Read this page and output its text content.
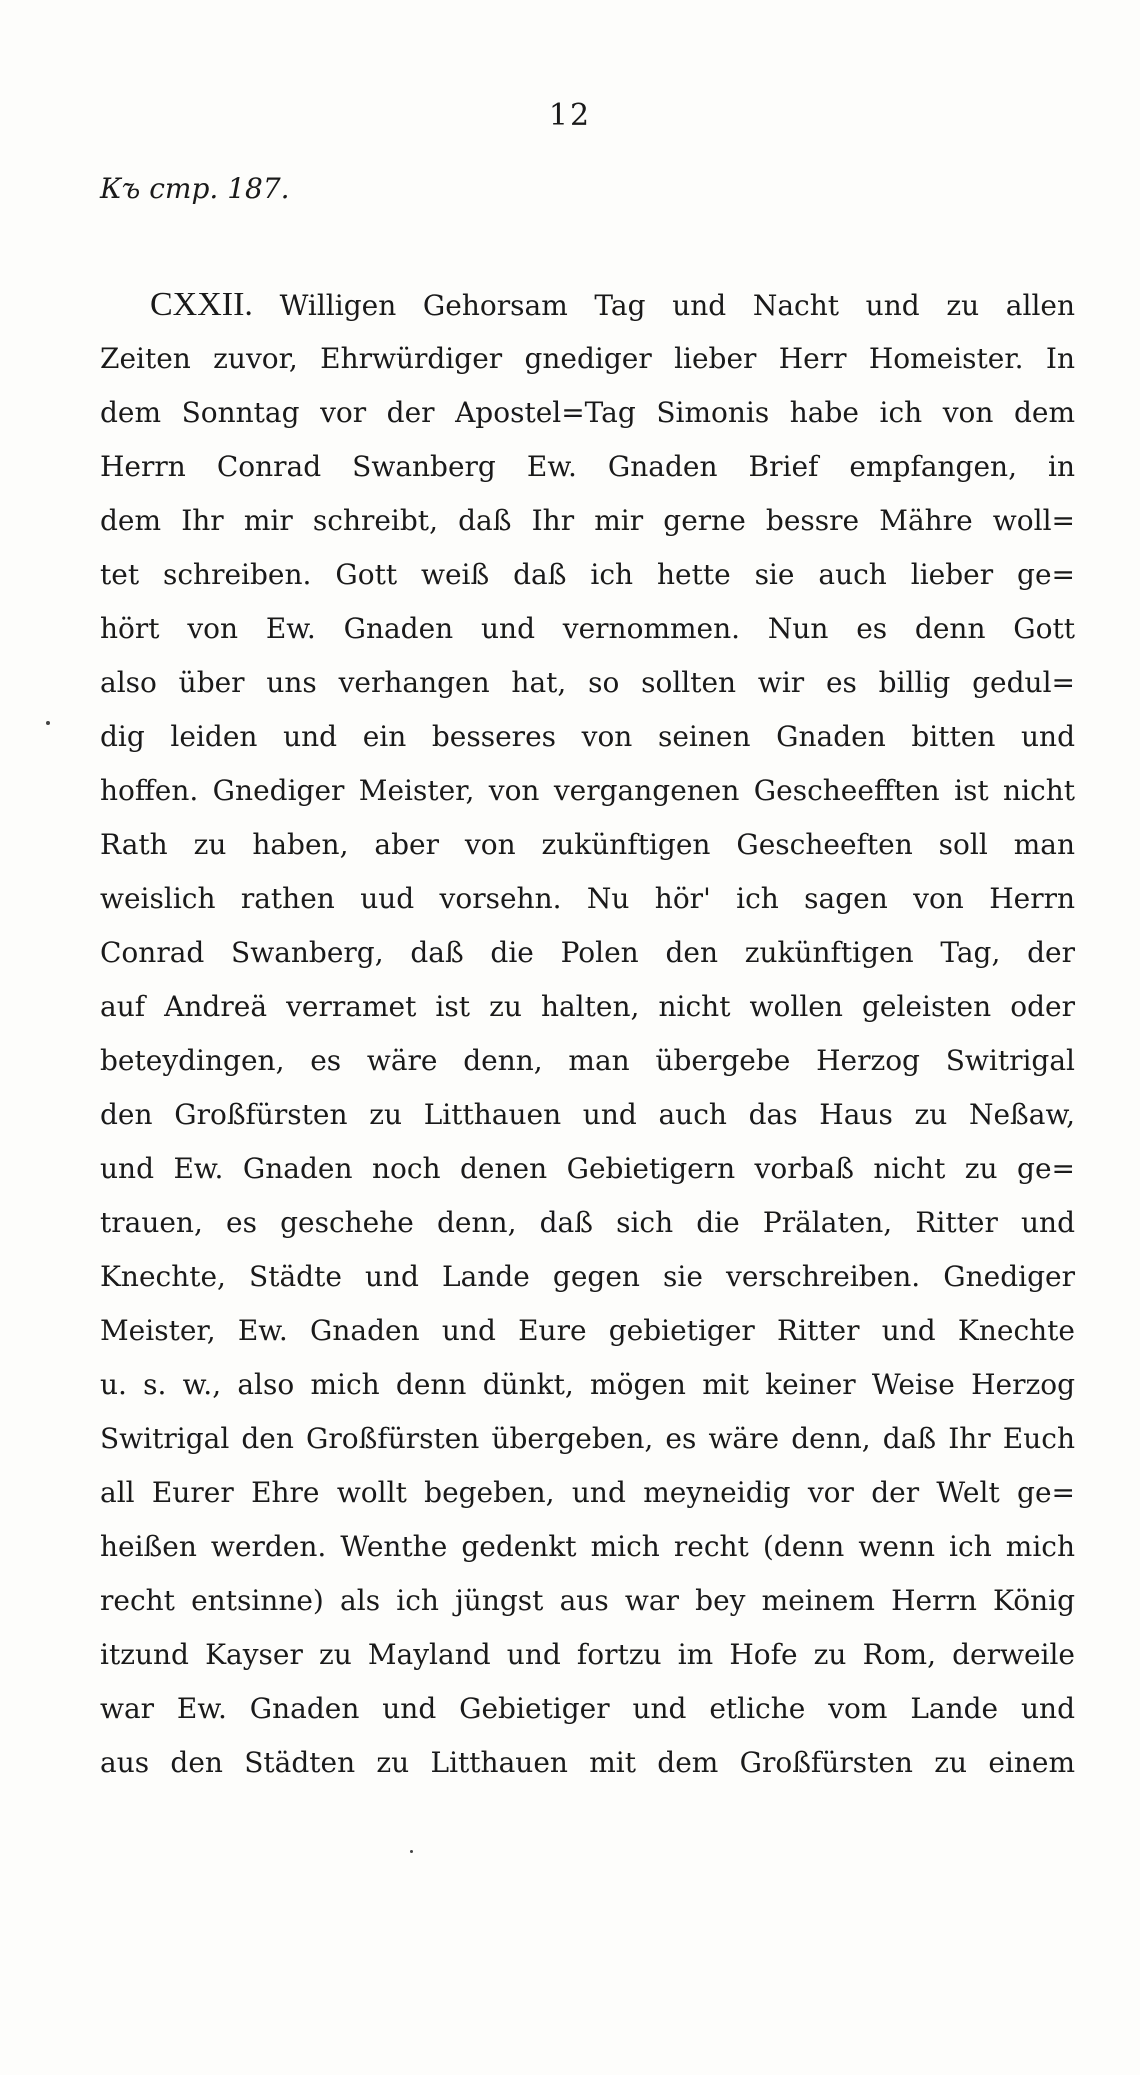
12
Къ стр. 187.
CXXII. Willigen Gehorsam Tag und Nacht und zu allen
Zeiten zuvor, Ehrwürdiger gnediger lieber Herr Homeister. In
dem Sonntag vor der Apostel=Tag Simonis habe ich von dem
Herrn Conrad Swanberg Ew. Gnaden Brief empfangen, in
dem Ihr mir schreibt, daß Ihr mir gerne bessre Mähre woll=
tet schreiben. Gott weiß daß ich hette sie auch lieber ge=
hört von Ew. Gnaden und vernommen. Nun es denn Gott
also über uns verhangen hat, so sollten wir es billig gedul=
dig leiden und ein besseres von seinen Gnaden bitten und
hoffen. Gnediger Meister, von vergangenen Gescheefften ist nicht
Rath zu haben, aber von zukünftigen Gescheeften soll man
weislich rathen uud vorsehn. Nu hör' ich sagen von Herrn
Conrad Swanberg, daß die Polen den zukünftigen Tag, der
auf Andreä verramet ist zu halten, nicht wollen geleisten oder
beteydingen, es wäre denn, man übergebe Herzog Switrigal
den Großfürsten zu Litthauen und auch das Haus zu Neßaw,
und Ew. Gnaden noch denen Gebietigern vorbaß nicht zu ge=
trauen, es geschehe denn, daß sich die Prälaten, Ritter und
Knechte, Städte und Lande gegen sie verschreiben. Gnediger
Meister, Ew. Gnaden und Eure gebietiger Ritter und Knechte
u. s. w., also mich denn dünkt, mögen mit keiner Weise Herzog
Switrigal den Großfürsten übergeben, es wäre denn, daß Ihr Euch
all Eurer Ehre wollt begeben, und meyneidig vor der Welt ge=
heißen werden. Wenthe gedenkt mich recht (denn wenn ich mich
recht entsinne) als ich jüngst aus war bey meinem Herrn König
itzund Kayser zu Mayland und fortzu im Hofe zu Rom, derweile
war Ew. Gnaden und Gebietiger und etliche vom Lande und
aus den Städten zu Litthauen mit dem Großfürsten zu einem
